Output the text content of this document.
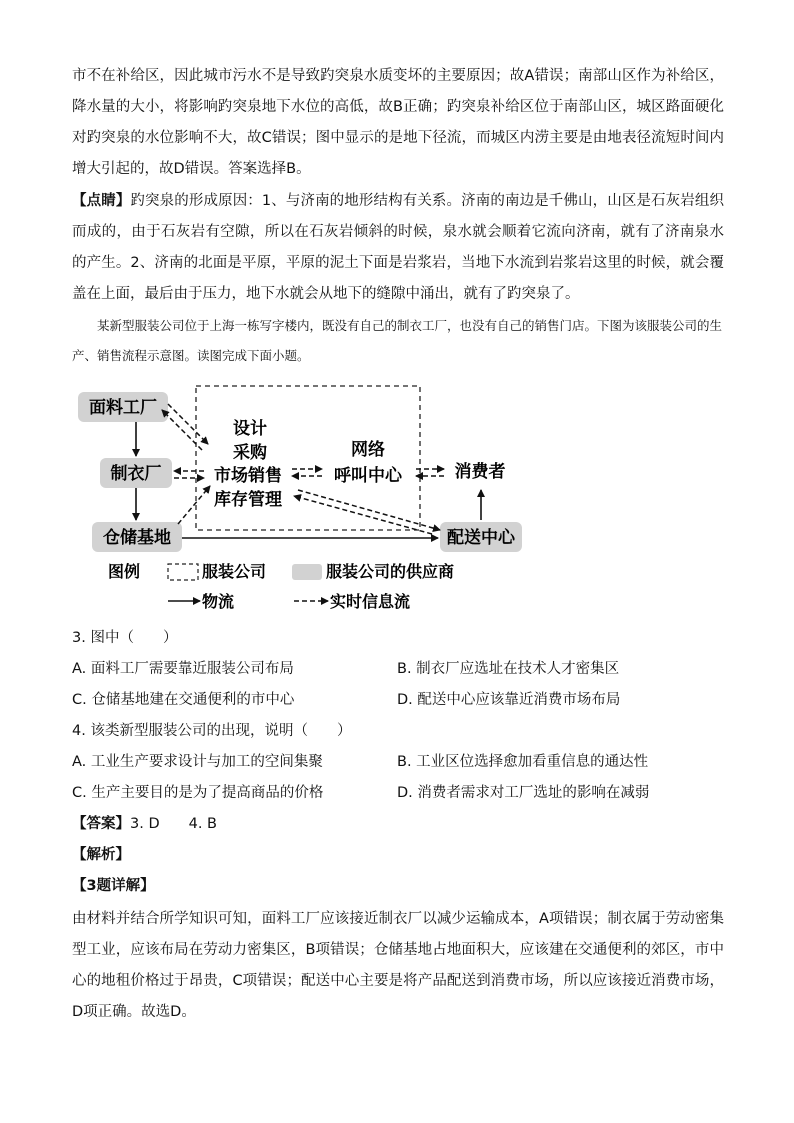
市不在补给区，因此城市污水不是导致趵突泉水质变坏的主要原因；故A错误；南部山区作为补给区，降水量的大小，将影响趵突泉地下水位的高低，故B正确；趵突泉补给区位于南部山区，城区路面硬化对趵突泉的水位影响不大，故C错误；图中显示的是地下径流，而城区内涝主要是由地表径流短时间内增大引起的，故D错误。答案选择B。

【点睛】趵突泉的形成原因：1、与济南的地形结构有关系。济南的南边是千佛山，山区是石灰岩组织而成的，由于石灰岩有空隙，所以在石灰岩倾斜的时候，泉水就会顺着它流向济南，就有了济南泉水的产生。2、济南的北面是平原，平原的泥土下面是岩浆岩，当地下水流到岩浆岩这里的时候，就会覆盖在上面，最后由于压力，地下水就会从地下的缝隙中涌出，就有了趵突泉了。

某新型服装公司位于上海一栋写字楼内，既没有自己的制衣工厂，也没有自己的销售门店。下图为该服装公司的生产、销售流程示意图。读图完成下面小题。

面料工厂
制衣厂
仓储基地
设计
采购
市场销售
库存管理
网络
呼叫中心	消费者
配送中心
图例	服装公司	服装公司的供应商
物流	实时信息流
3. 图中（　　）
A. 面料工厂需要靠近服装公司布局	B. 制衣厂应选址在技术人才密集区
C. 仓储基地建在交通便利的市中心	D. 配送中心应该靠近消费市场布局
4. 该类新型服装公司的出现，说明（　　）
A. 工业生产要求设计与加工的空间集聚	B. 工业区位选择愈加看重信息的通达性
C. 生产主要目的是为了提高商品的价格	D. 消费者需求对工厂选址的影响在减弱
【答案】3. D　　4. B
【解析】
【3题详解】

由材料并结合所学知识可知，面料工厂应该接近制衣厂以减少运输成本，A项错误；制衣属于劳动密集型工业，应该布局在劳动力密集区，B项错误；仓储基地占地面积大，应该建在交通便利的郊区，市中心的地租价格过于昂贵，C项错误；配送中心主要是将产品配送到消费市场，所以应该接近消费市场，D项正确。故选D。
